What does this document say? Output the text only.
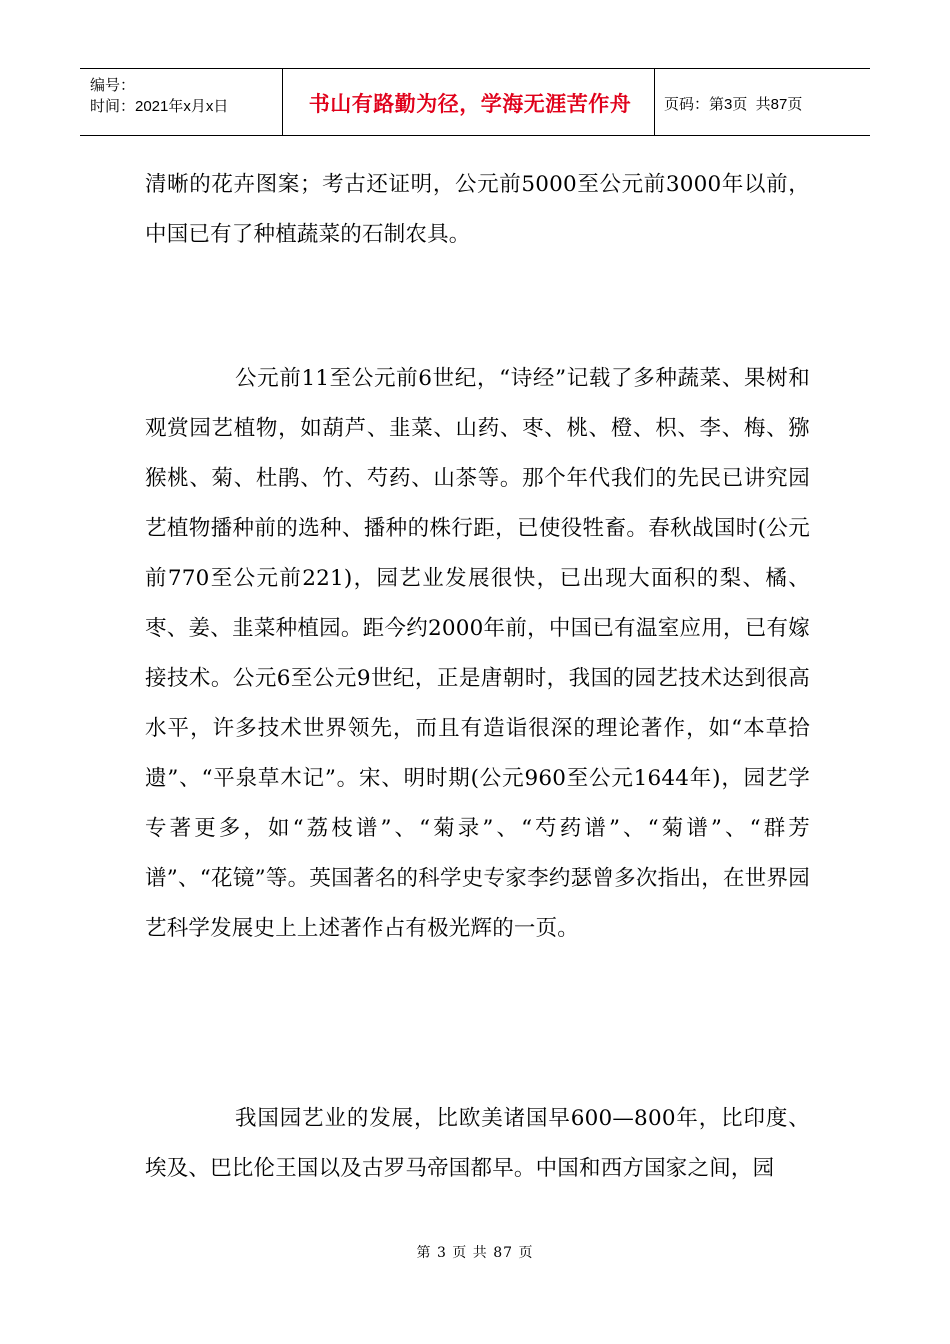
编号：
时间：2021年x月x日	书山有路勤为径，学海无涯苦作舟	页码：第3页  共87页

清晰的花卉图案；考古还证明，公元前5000至公元前3000年以前，中国已有了种植蔬菜的石制农具。

公元前11至公元前6世纪，“诗经”记载了多种蔬菜、果树和观赏园艺植物，如葫芦、韭菜、山药、枣、桃、橙、枳、李、梅、猕猴桃、菊、杜鹃、竹、芍药、山茶等。那个年代我们的先民已讲究园艺植物播种前的选种、播种的株行距，已使役牲畜。春秋战国时(公元前770至公元前221)，园艺业发展很快，已出现大面积的梨、橘、枣、姜、韭菜种植园。距今约2000年前，中国已有温室应用，已有嫁接技术。公元6至公元9世纪，正是唐朝时，我国的园艺技术达到很高水平，许多技术世界领先，而且有造诣很深的理论著作，如“本草拾遗”、“平泉草木记”。宋、明时期(公元960至公元1644年)，园艺学专著更多，如“荔枝谱”、“菊录”、“芍药谱”、“菊谱”、“群芳谱”、“花镜”等。英国著名的科学史专家李约瑟曾多次指出，在世界园艺科学发展史上上述著作占有极光辉的一页。

我国园艺业的发展，比欧美诸国早600—800年，比印度、埃及、巴比伦王国以及古罗马帝国都早。中国和西方国家之间，园

第 3 页 共 87 页
